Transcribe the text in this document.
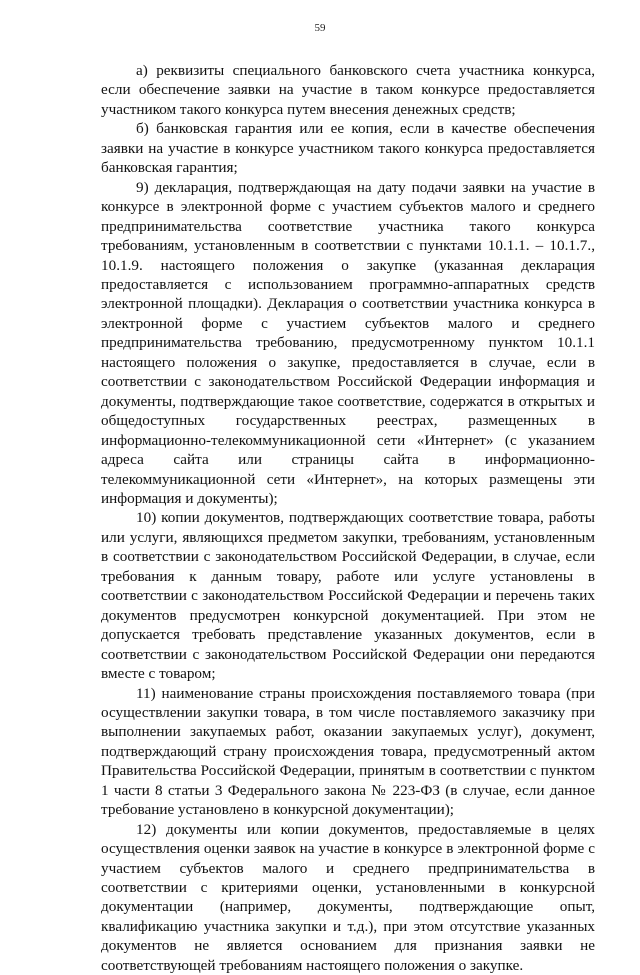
59

а) реквизиты специального банковского счета участника конкурса, если обеспечение заявки на участие в таком конкурсе предоставляется участником такого конкурса путем внесения денежных средств;

б) банковская гарантия или ее копия, если в качестве обеспечения заявки на участие в конкурсе участником такого конкурса предоставляется банковская гарантия;

9) декларация, подтверждающая на дату подачи заявки на участие в конкурсе в электронной форме с участием субъектов малого и среднего предпринимательства соответствие участника такого конкурса требованиям, установленным в соответствии с пунктами 10.1.1. – 10.1.7., 10.1.9. настоящего положения о закупке (указанная декларация предоставляется с использованием программно-аппаратных средств электронной площадки). Декларация о соответствии участника конкурса в электронной форме с участием субъектов малого и среднего предпринимательства требованию, предусмотренному пунктом 10.1.1 настоящего положения о закупке, предоставляется в случае, если в соответствии с законодательством Российской Федерации информация и документы, подтверждающие такое соответствие, содержатся в открытых и общедоступных государственных реестрах, размещенных в информационно-телекоммуникационной сети «Интернет» (с указанием адреса сайта или страницы сайта в информационно-телекоммуникационной сети «Интернет», на которых размещены эти информация и документы);

10) копии документов, подтверждающих соответствие товара, работы или услуги, являющихся предметом закупки, требованиям, установленным в соответствии с законодательством Российской Федерации, в случае, если требования к данным товару, работе или услуге установлены в соответствии с законодательством Российской Федерации и перечень таких документов предусмотрен конкурсной документацией. При этом не допускается требовать представление указанных документов, если в соответствии с законодательством Российской Федерации они передаются вместе с товаром;

11) наименование страны происхождения поставляемого товара (при осуществлении закупки товара, в том числе поставляемого заказчику при выполнении закупаемых работ, оказании закупаемых услуг), документ, подтверждающий страну происхождения товара, предусмотренный актом Правительства Российской Федерации, принятым в соответствии с пунктом 1 части 8 статьи 3 Федерального закона № 223-ФЗ (в случае, если данное требование установлено в конкурсной документации);

12) документы или копии документов, предоставляемые в целях осуществления оценки заявок на участие в конкурсе в электронной форме с участием субъектов малого и среднего предпринимательства в соответствии с критериями оценки, установленными в конкурсной документации (например, документы, подтверждающие опыт, квалификацию участника закупки и т.д.), при этом отсутствие указанных документов не является основанием для признания заявки не соответствующей требованиям настоящего положения о закупке.
